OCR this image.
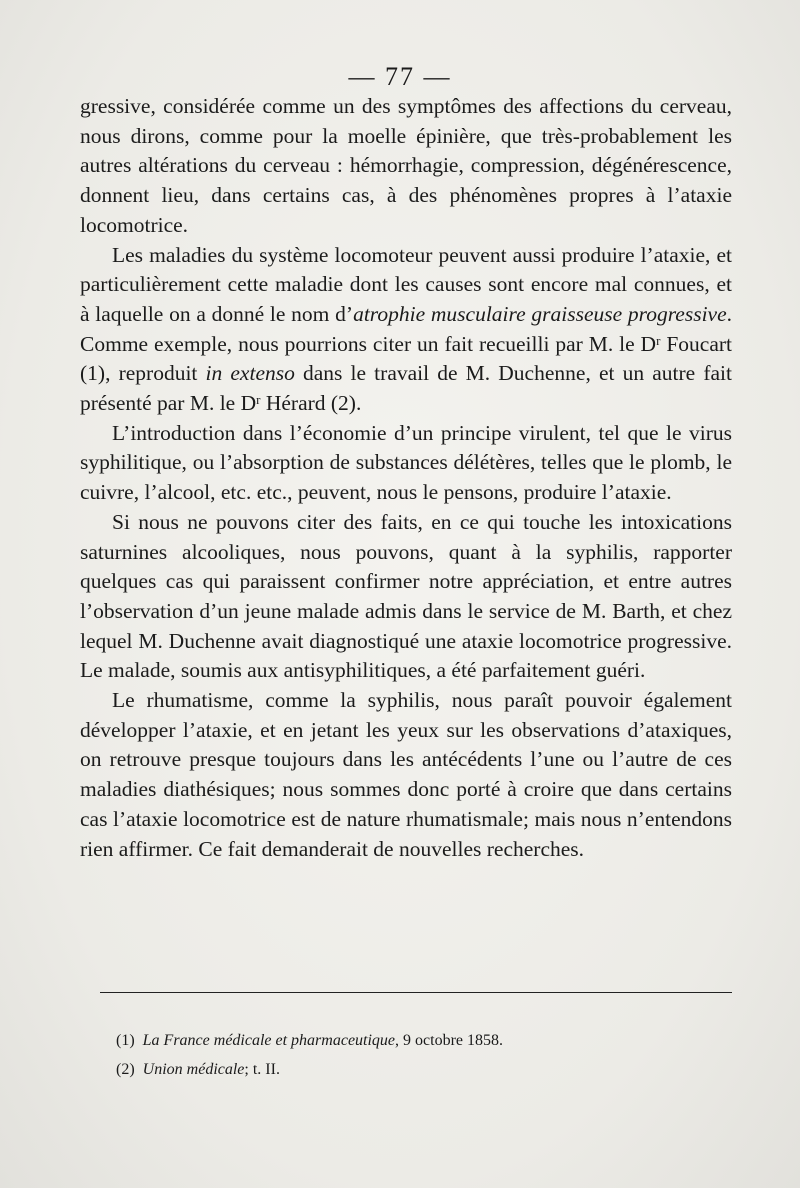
— 77 —

gressive, considérée comme un des symptômes des affections du cerveau, nous dirons, comme pour la moelle épinière, que très-probablement les autres altérations du cerveau : hémorrhagie, compression, dégénérescence, donnent lieu, dans certains cas, à des phénomènes propres à l’ataxie locomotrice.

Les maladies du système locomoteur peuvent aussi produire l’ataxie, et particulièrement cette maladie dont les causes sont encore mal connues, et à laquelle on a donné le nom d’atrophie musculaire graisseuse progressive. Comme exemple, nous pourrions citer un fait recueilli par M. le $D^r$ Foucart (1), reproduit in extenso dans le travail de M. Duchenne, et un autre fait présenté par M. le $D^r$ Hérard (2).

L’introduction dans l’économie d’un principe virulent, tel que le virus syphilitique, ou l’absorption de substances délétères, telles que le plomb, le cuivre, l’alcool, etc. etc., peuvent, nous le pensons, produire l’ataxie.

Si nous ne pouvons citer des faits, en ce qui touche les intoxications saturnines alcooliques, nous pouvons, quant à la syphilis, rapporter quelques cas qui paraissent confirmer notre appréciation, et entre autres l’observation d’un jeune malade admis dans le service de M. Barth, et chez lequel M. Duchenne avait diagnostiqué une ataxie locomotrice progressive. Le malade, soumis aux antisyphilitiques, a été parfaitement guéri.

Le rhumatisme, comme la syphilis, nous paraît pouvoir également développer l’ataxie, et en jetant les yeux sur les observations d’ataxiques, on retrouve presque toujours dans les antécédents l’une ou l’autre de ces maladies diathésiques; nous sommes donc porté à croire que dans certains cas l’ataxie locomotrice est de nature rhumatismale; mais nous n’entendons rien affirmer. Ce fait demanderait de nouvelles recherches.

(1) La France médicale et pharmaceutique, 9 octobre 1858.
(2) Union médicale; t. II.
